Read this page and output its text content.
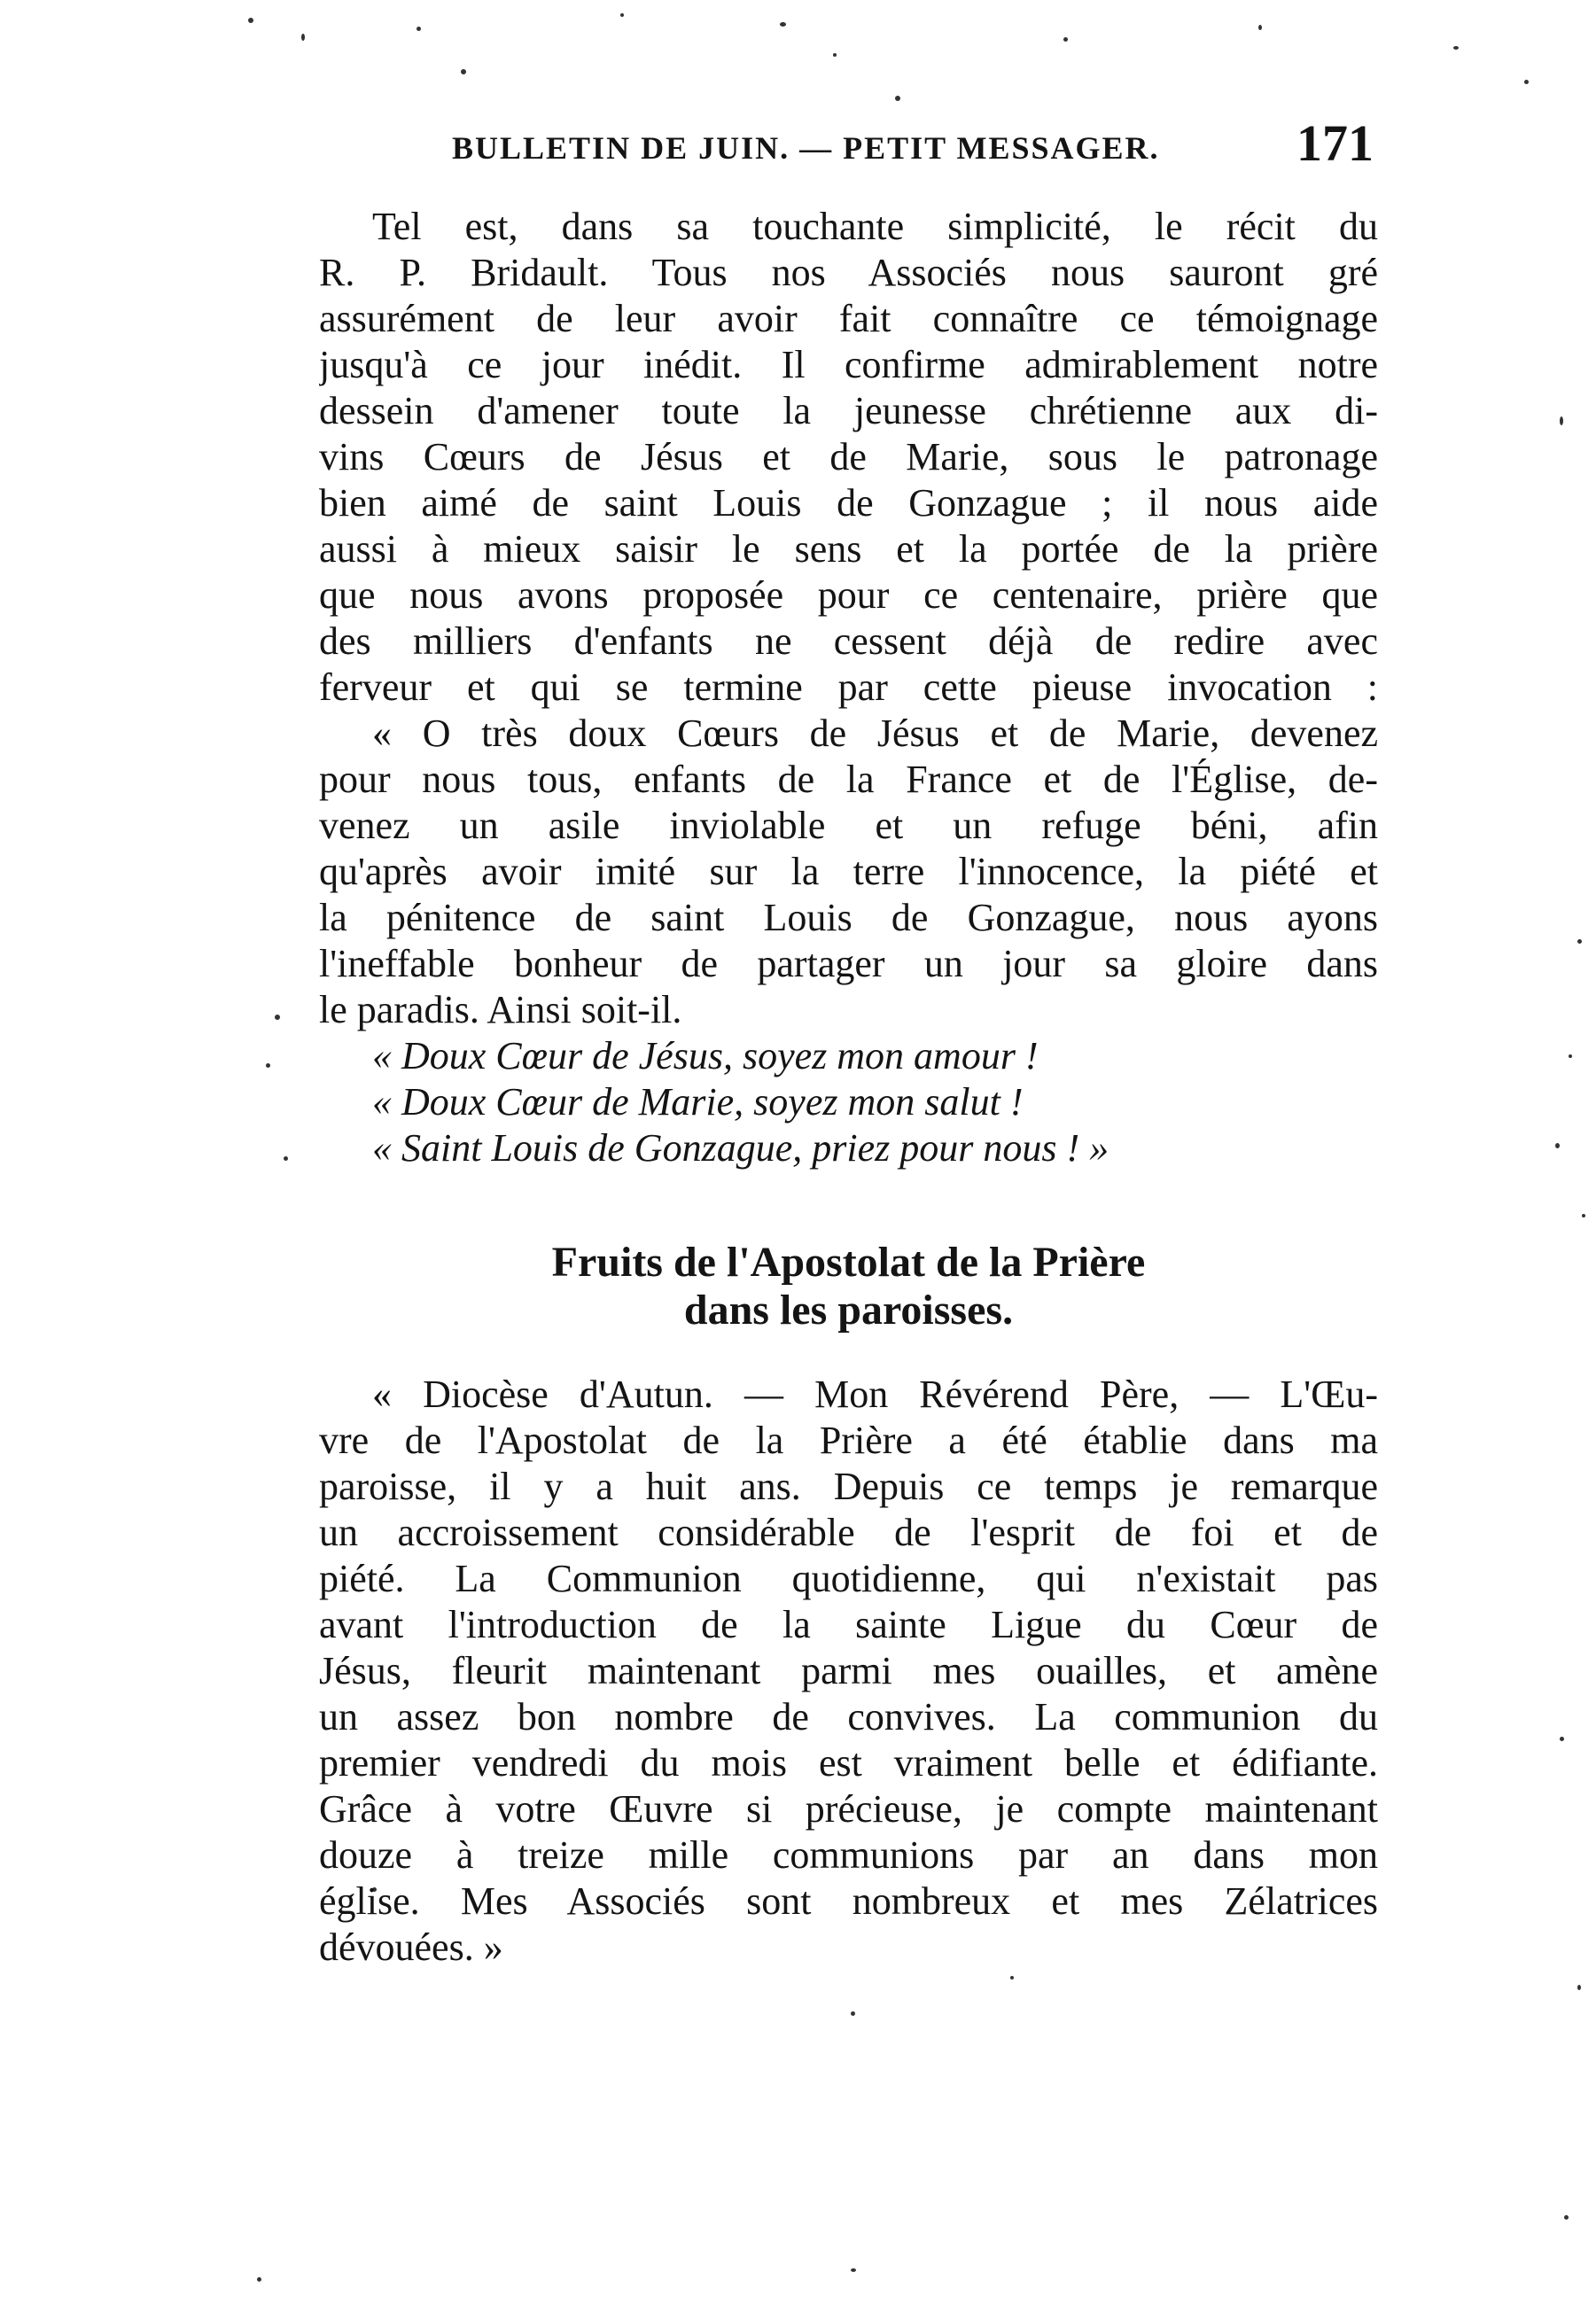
BULLETIN DE JUIN. — PETIT MESSAGER.	171
Tel est, dans sa touchante simplicité, le récit du
R. P. Bridault. Tous nos Associés nous sauront gré
assurément de leur avoir fait connaître ce témoignage
jusqu'à ce jour inédit. Il confirme admirablement notre
dessein d'amener toute la jeunesse chrétienne aux di-
vins Cœurs de Jésus et de Marie, sous le patronage
bien aimé de saint Louis de Gonzague ; il nous aide
aussi à mieux saisir le sens et la portée de la prière
que nous avons proposée pour ce centenaire, prière que
des milliers d'enfants ne cessent déjà de redire avec
ferveur et qui se termine par cette pieuse invocation :
« O très doux Cœurs de Jésus et de Marie, devenez
pour nous tous, enfants de la France et de l'Église, de-
venez un asile inviolable et un refuge béni, afin
qu'après avoir imité sur la terre l'innocence, la piété et
la pénitence de saint Louis de Gonzague, nous ayons
l'ineffable bonheur de partager un jour sa gloire dans
le paradis. Ainsi soit-il.
« Doux Cœur de Jésus, soyez mon amour !
« Doux Cœur de Marie, soyez mon salut !
« Saint Louis de Gonzague, priez pour nous ! »
Fruits de l'Apostolat de la Prière
dans les paroisses.
« Diocèse d'Autun. — Mon Révérend Père, — L'Œu-
vre de l'Apostolat de la Prière a été établie dans ma
paroisse, il y a huit ans. Depuis ce temps je remarque
un accroissement considérable de l'esprit de foi et de
piété. La Communion quotidienne, qui n'existait pas
avant l'introduction de la sainte Ligue du Cœur de
Jésus, fleurit maintenant parmi mes ouailles, et amène
un assez bon nombre de convives. La communion du
premier vendredi du mois est vraiment belle et édifiante.
Grâce à votre Œuvre si précieuse, je compte maintenant
douze à treize mille communions par an dans mon
église. Mes Associés sont nombreux et mes Zélatrices
dévouées. »
